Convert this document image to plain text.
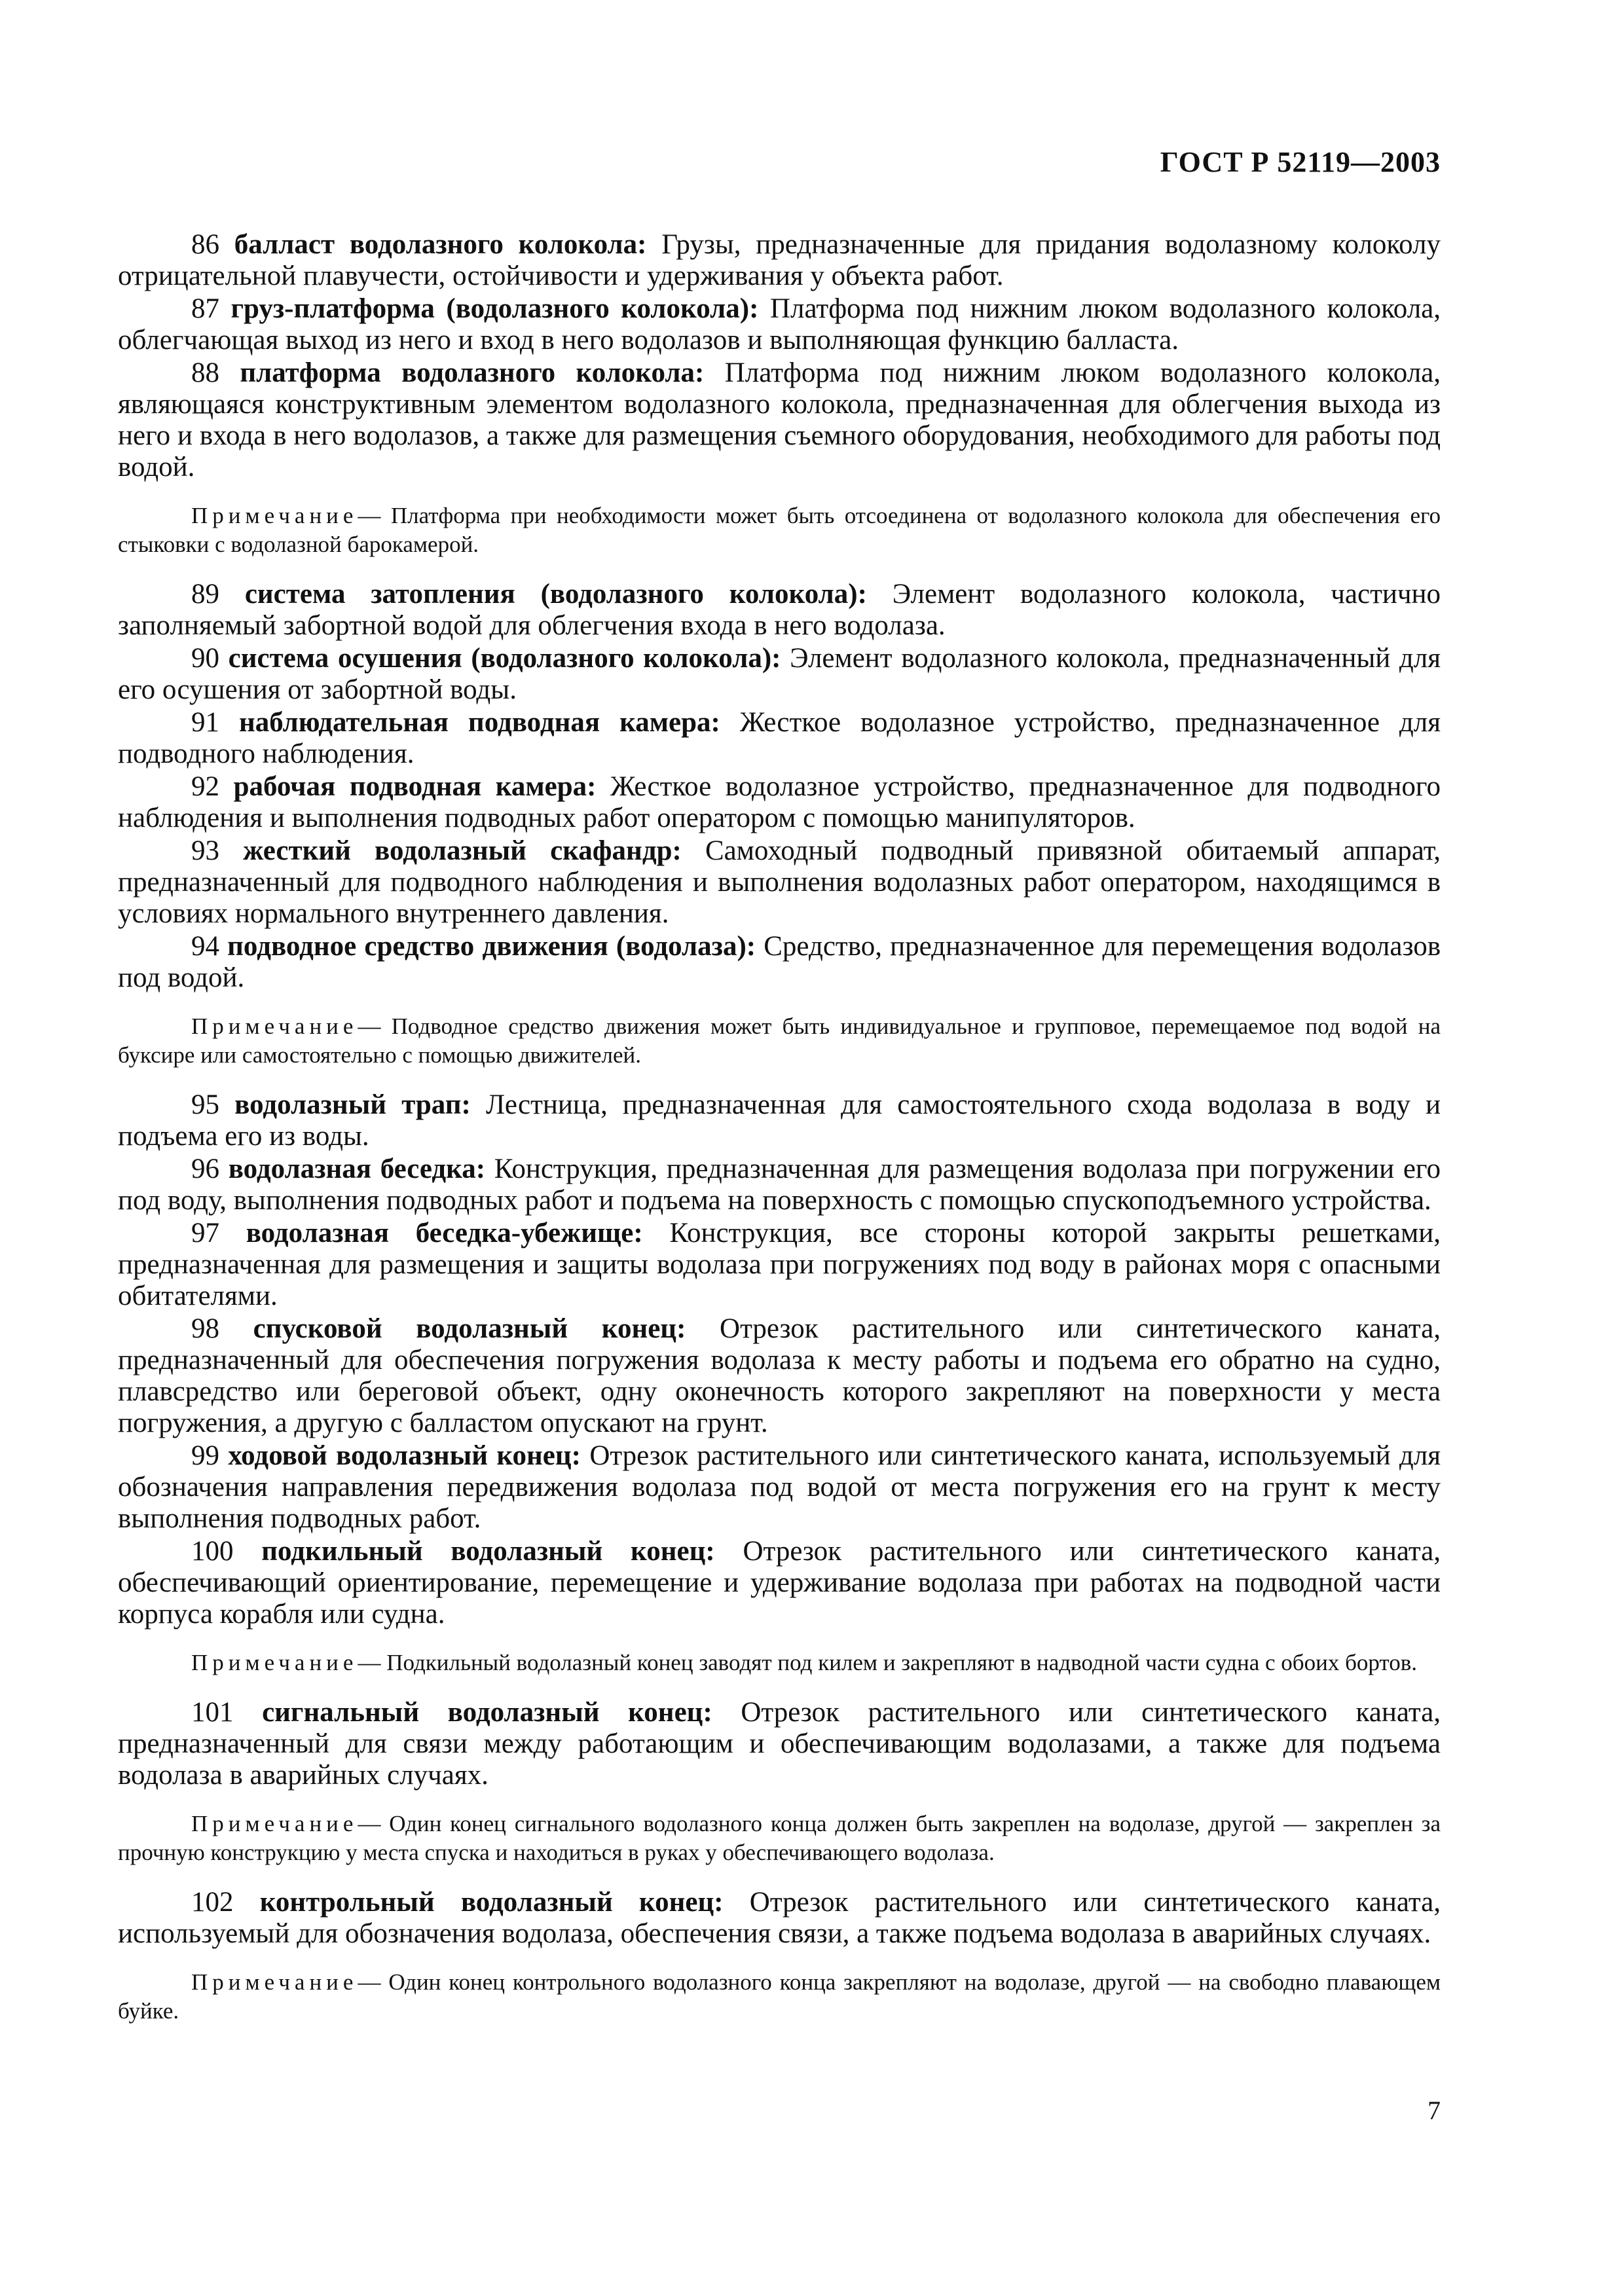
ГОСТ Р 52119—2003

86 балласт водолазного колокола: Грузы, предназначенные для придания водолазному колоколу отрицательной плавучести, остойчивости и удерживания у объекта работ.

87 груз-платформа (водолазного колокола): Платформа под нижним люком водолазного колокола, облегчающая выход из него и вход в него водолазов и выполняющая функцию балласта.

88 платформа водолазного колокола: Платформа под нижним люком водолазного колокола, являющаяся конструктивным элементом водолазного колокола, предназначенная для облегчения выхода из него и входа в него водолазов, а также для размещения съемного оборудования, необходимого для работы под водой.

Примечание— Платформа при необходимости может быть отсоединена от водолазного колокола для обеспечения его стыковки с водолазной барокамерой.

89 система затопления (водолазного колокола): Элемент водолазного колокола, частично заполняемый забортной водой для облегчения входа в него водолаза.

90 система осушения (водолазного колокола): Элемент водолазного колокола, предназначенный для его осушения от забортной воды.

91 наблюдательная подводная камера: Жесткое водолазное устройство, предназначенное для подводного наблюдения.

92 рабочая подводная камера: Жесткое водолазное устройство, предназначенное для подводного наблюдения и выполнения подводных работ оператором с помощью манипуляторов.

93 жесткий водолазный скафандр: Самоходный подводный привязной обитаемый аппарат, предназначенный для подводного наблюдения и выполнения водолазных работ оператором, находящимся в условиях нормального внутреннего давления.

94 подводное средство движения (водолаза): Средство, предназначенное для перемещения водолазов под водой.

Примечание— Подводное средство движения может быть индивидуальное и групповое, перемещаемое под водой на буксире или самостоятельно с помощью движителей.

95 водолазный трап: Лестница, предназначенная для самостоятельного схода водолаза в воду и подъема его из воды.

96 водолазная беседка: Конструкция, предназначенная для размещения водолаза при погружении его под воду, выполнения подводных работ и подъема на поверхность с помощью спускоподъемного устройства.

97 водолазная беседка-убежище: Конструкция, все стороны которой закрыты решетками, предназначенная для размещения и защиты водолаза при погружениях под воду в районах моря с опасными обитателями.

98 спусковой водолазный конец: Отрезок растительного или синтетического каната, предназначенный для обеспечения погружения водолаза к месту работы и подъема его обратно на судно, плавсредство или береговой объект, одну оконечность которого закрепляют на поверхности у места погружения, а другую с балластом опускают на грунт.

99 ходовой водолазный конец: Отрезок растительного или синтетического каната, используемый для обозначения направления передвижения водолаза под водой от места погружения его на грунт к месту выполнения подводных работ.

100 подкильный водолазный конец: Отрезок растительного или синтетического каната, обеспечивающий ориентирование, перемещение и удерживание водолаза при работах на подводной части корпуса корабля или судна.

Примечание— Подкильный водолазный конец заводят под килем и закрепляют в надводной части судна с обоих бортов.

101 сигнальный водолазный конец: Отрезок растительного или синтетического каната, предназначенный для связи между работающим и обеспечивающим водолазами, а также для подъема водолаза в аварийных случаях.

Примечание— Один конец сигнального водолазного конца должен быть закреплен на водолазе, другой — закреплен за прочную конструкцию у места спуска и находиться в руках у обеспечивающего водолаза.

102 контрольный водолазный конец: Отрезок растительного или синтетического каната, используемый для обозначения водолаза, обеспечения связи, а также подъема водолаза в аварийных случаях.

Примечание— Один конец контрольного водолазного конца закрепляют на водолазе, другой — на свободно плавающем буйке.

7
